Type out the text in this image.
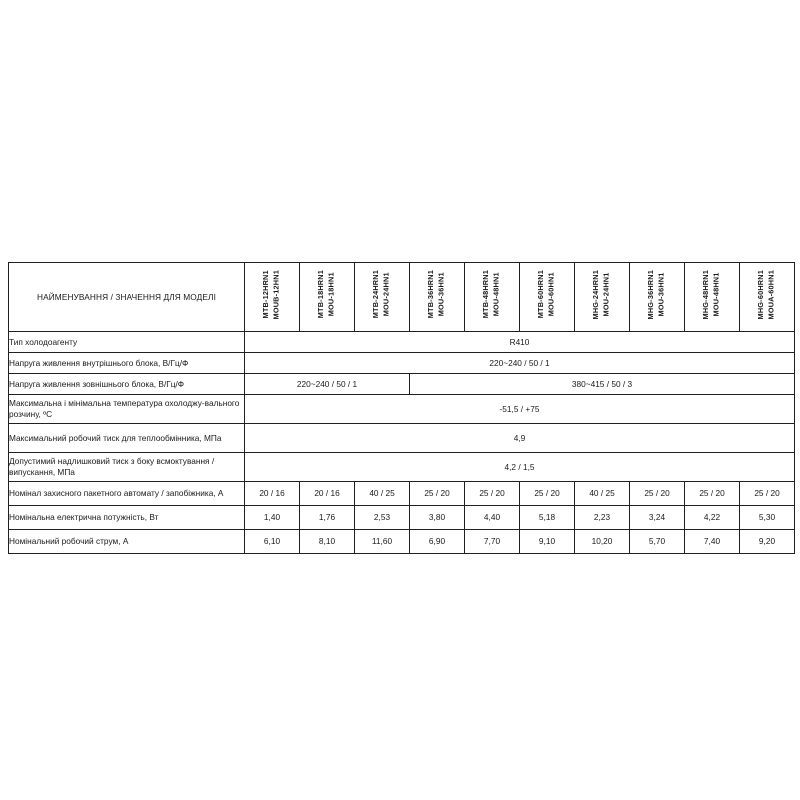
НАЙМЕНУВАННЯ / ЗНАЧЕННЯ ДЛЯ МОДЕЛІ	MTB-12HRN1 MOUB-12HN1	MTB-18HRN1 MOU-18HN1	MTB-24HRN1 MOU-24HN1	MTB-36HRN1 MOU-36HN1	MTB-48HRN1 MOU-48HN1	MTB-60HRN1 MOU-60HN1	MHG-24HRN1 MOU-24HN1	MHG-36HRN1 MOU-36HN1	MHG-48HRN1 MOU-48HN1	MHG-60HRN1 MOUA-60HN1
Тип холодоагенту	R410									
Напруга живлення внутрішнього блока, В/Гц/Ф	220~240 / 50 / 1									
Напруга живлення зовнішнього блока, В/Гц/Ф	220~240 / 50 / 1			380~415 / 50 / 3						
Максимальна і мінімальна температура охолоджу-вального розчину, ºC	-51,5 / +75									
Максимальний робочий тиск для теплообмінника, МПа	4,9									
Допустимий надлишковий тиск з боку всмоктування / випускання, МПа	4,2 / 1,5									
Номінал захисного пакетного автомату / запобіжника, А	20 / 16	20 / 16	40 / 25	25 / 20	25 / 20	25 / 20	40 / 25	25 / 20	25 / 20	25 / 20
Номінальна електрична потужність, Вт	1,40	1,76	2,53	3,80	4,40	5,18	2,23	3,24	4,22	5,30
Номінальний робочий струм, А	6,10	8,10	11,60	6,90	7,70	9,10	10,20	5,70	7,40	9,20
